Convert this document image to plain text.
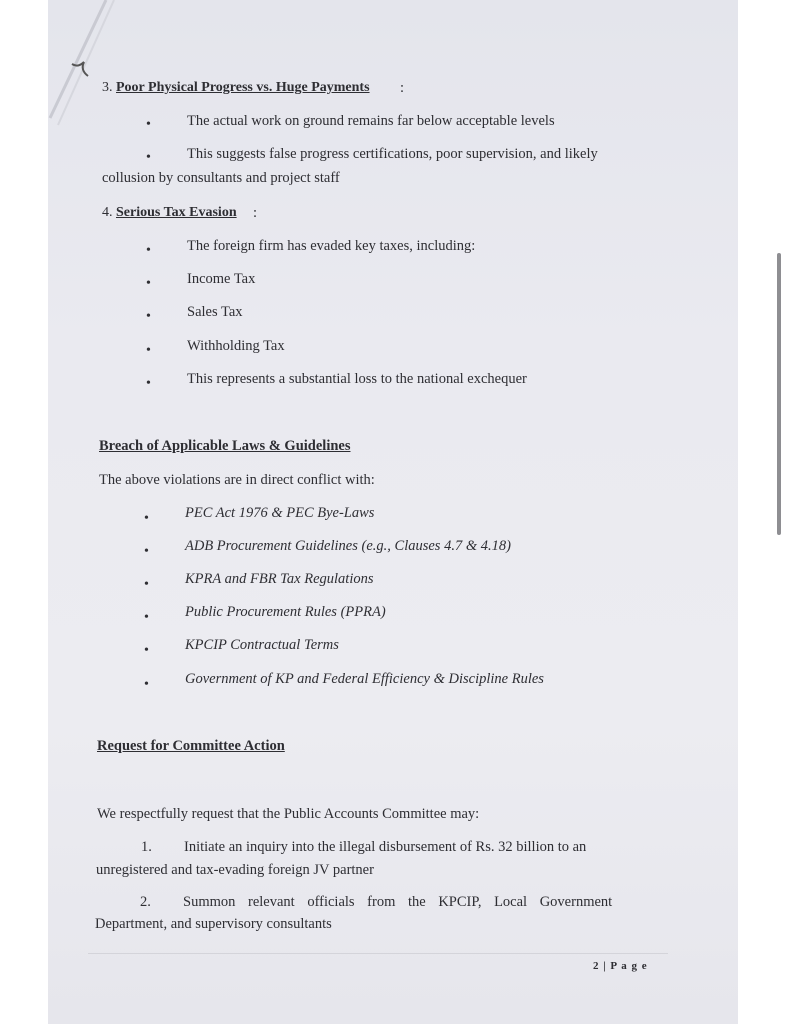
3. Poor Physical Progress vs. Huge Payments :
• The actual work on ground remains far below acceptable levels
• This suggests false progress certifications, poor supervision, and likely
collusion by consultants and project staff
4. Serious Tax Evasion :
• The foreign firm has evaded key taxes, including:
• Income Tax
• Sales Tax
• Withholding Tax
• This represents a substantial loss to the national exchequer
Breach of Applicable Laws & Guidelines
The above violations are in direct conflict with:
• PEC Act 1976 & PEC Bye-Laws
• ADB Procurement Guidelines (e.g., Clauses 4.7 & 4.18)
• KPRA and FBR Tax Regulations
• Public Procurement Rules (PPRA)
• KPCIP Contractual Terms
• Government of KP and Federal Efficiency & Discipline Rules
Request for Committee Action
We respectfully request that the Public Accounts Committee may:
1. Initiate an inquiry into the illegal disbursement of Rs. 32 billion to an
unregistered and tax-evading foreign JV partner
2. Summon relevant officials from the KPCIP, Local Government
Department, and supervisory consultants
2 | P a g e
